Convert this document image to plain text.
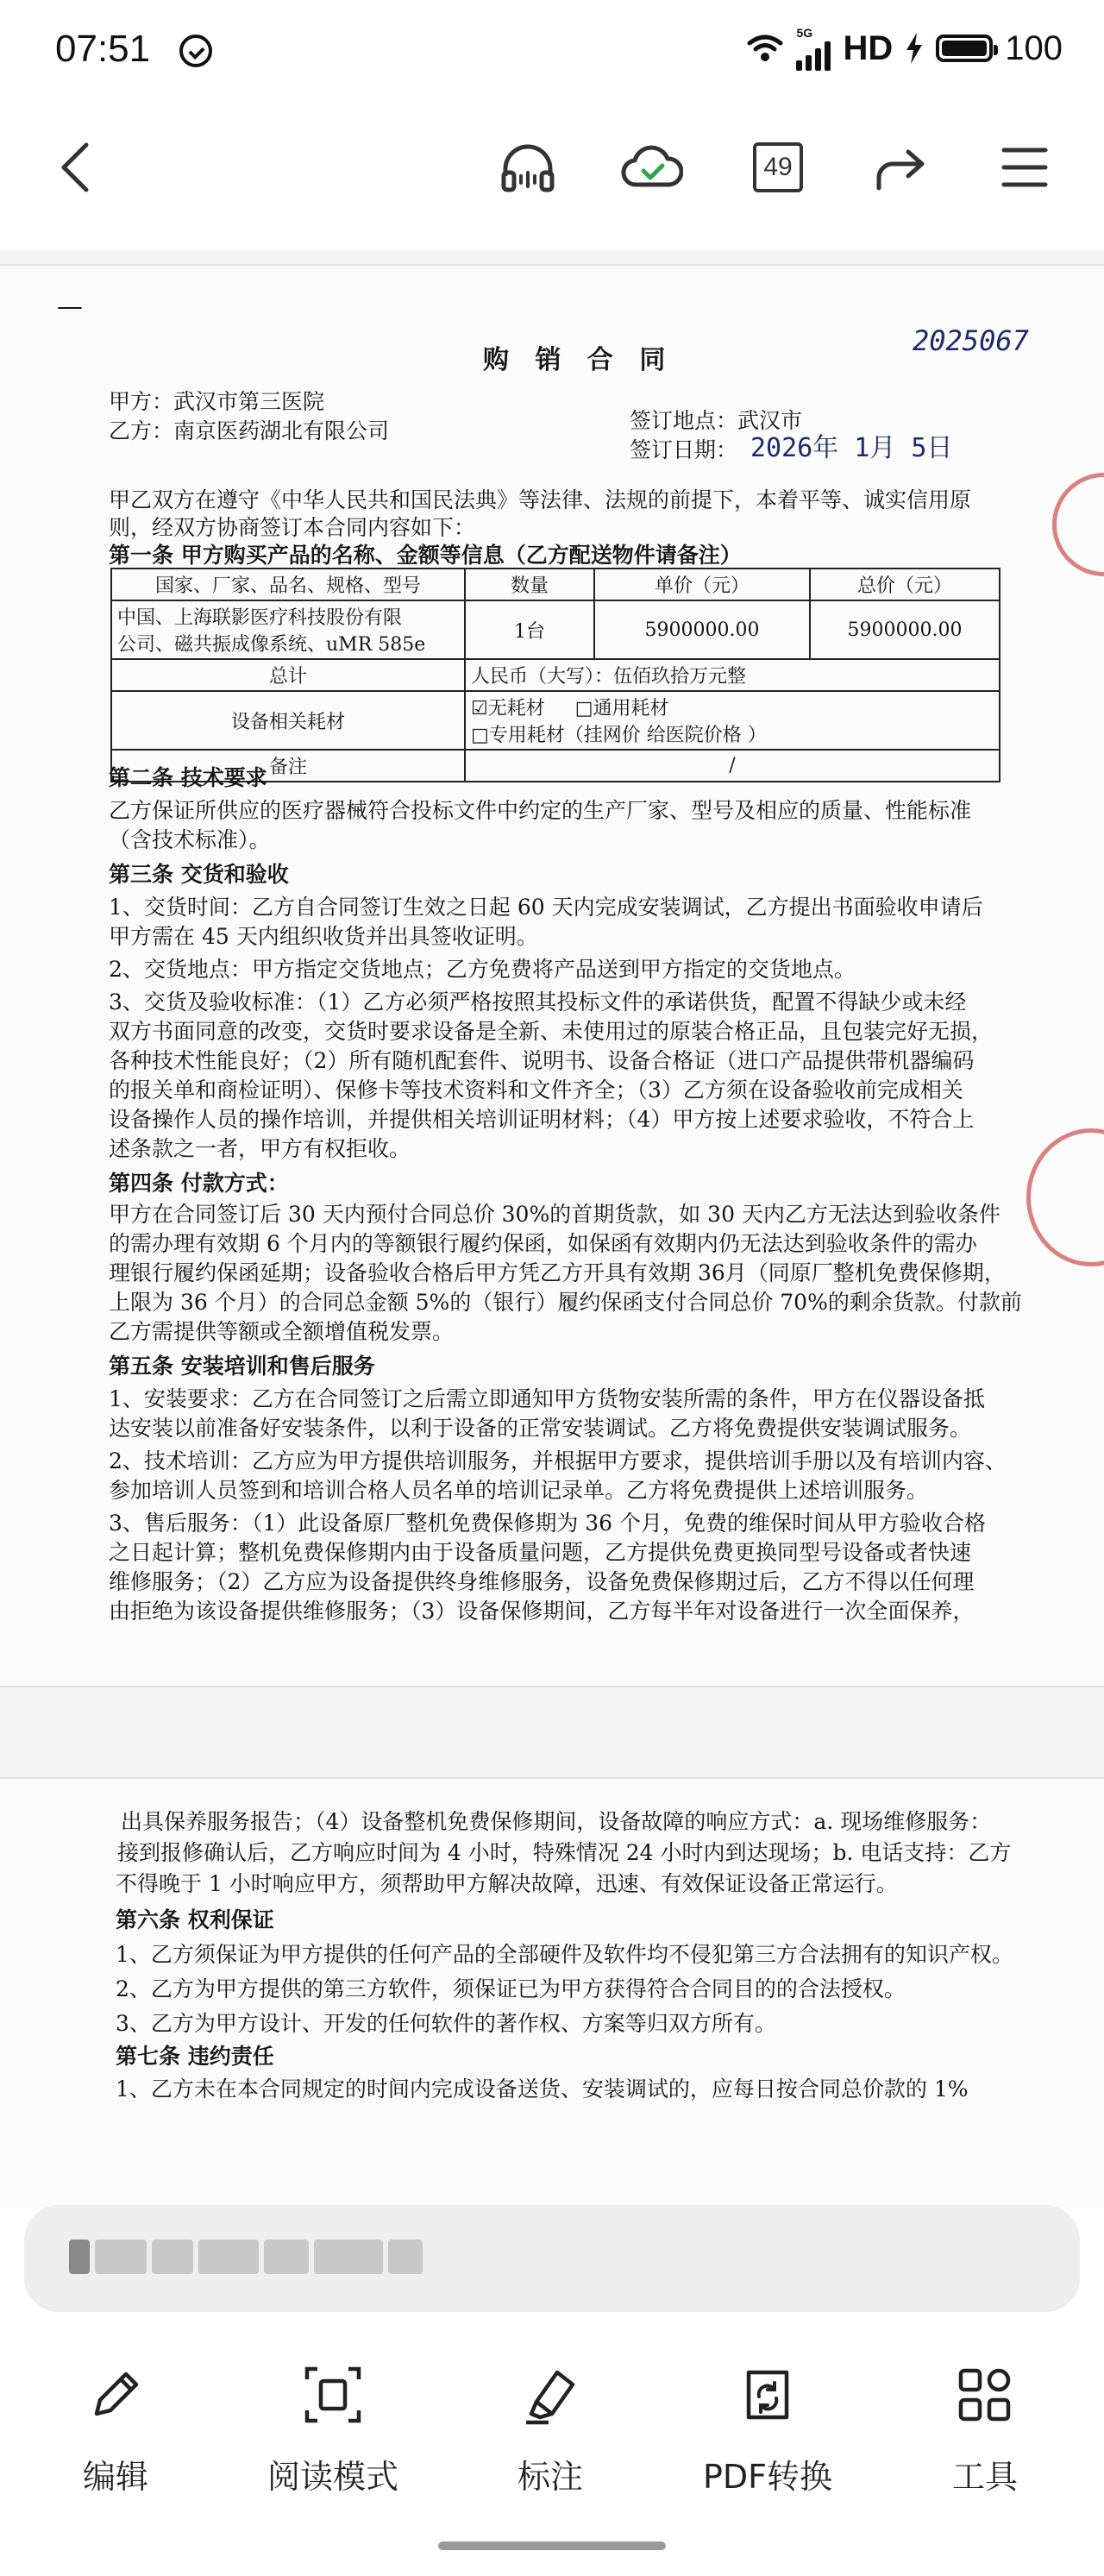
07:51	5G HD	100
49
—
购 销 合 同
2025067
甲方：武汉市第三医院
乙方：南京医药湖北有限公司	签订地点：武汉市
签订日期： 2026年 1月 5日
甲乙双方在遵守《中华人民共和国民法典》等法律、法规的前提下，本着平等、诚实信用原
则，经双方协商签订本合同内容如下：
第一条 甲方购买产品的名称、金额等信息（乙方配送物件请备注）
国家、厂家、品名、规格、型号	数量	单价（元）	总价（元）

中国、上海联影医疗科技股份有限
公司、磁共振成像系统、uMR 585e	1台	5900000.00	5900000.00
总计	人民币（大写）：伍佰玖拾万元整		
设备相关耗材	☑无耗材 □通用耗材     □专用耗材（挂网价 给医院价格 ）		
备注	/		
第二条 技术要求
乙方保证所供应的医疗器械符合投标文件中约定的生产厂家、型号及相应的质量、性能标准
（含技术标准）。
第三条 交货和验收
1、交货时间：乙方自合同签订生效之日起 60 天内完成安装调试，乙方提出书面验收申请后
甲方需在 45 天内组织收货并出具签收证明。
2、交货地点：甲方指定交货地点；乙方免费将产品送到甲方指定的交货地点。
3、交货及验收标准：（1）乙方必须严格按照其投标文件的承诺供货，配置不得缺少或未经
双方书面同意的改变，交货时要求设备是全新、未使用过的原装合格正品，且包装完好无损，
各种技术性能良好；（2）所有随机配套件、说明书、设备合格证（进口产品提供带机器编码
的报关单和商检证明）、保修卡等技术资料和文件齐全；（3）乙方须在设备验收前完成相关
设备操作人员的操作培训，并提供相关培训证明材料；（4）甲方按上述要求验收，不符合上
述条款之一者，甲方有权拒收。
第四条 付款方式：
甲方在合同签订后 30 天内预付合同总价 30%的首期货款，如 30 天内乙方无法达到验收条件
的需办理有效期 6 个月内的等额银行履约保函，如保函有效期内仍无法达到验收条件的需办
理银行履约保函延期；设备验收合格后甲方凭乙方开具有效期 36月（同原厂整机免费保修期，
上限为 36 个月）的合同总金额 5%的（银行）履约保函支付合同总价 70%的剩余货款。付款前
乙方需提供等额或全额增值税发票。
第五条 安装培训和售后服务
1、安装要求：乙方在合同签订之后需立即通知甲方货物安装所需的条件，甲方在仪器设备抵
达安装以前准备好安装条件，以利于设备的正常安装调试。乙方将免费提供安装调试服务。
2、技术培训：乙方应为甲方提供培训服务，并根据甲方要求，提供培训手册以及有培训内容、
参加培训人员签到和培训合格人员名单的培训记录单。乙方将免费提供上述培训服务。
3、售后服务：（1）此设备原厂整机免费保修期为 36 个月，免费的维保时间从甲方验收合格
之日起计算；整机免费保修期内由于设备质量问题，乙方提供免费更换同型号设备或者快速
维修服务；（2）乙方应为设备提供终身维修服务，设备免费保修期过后，乙方不得以任何理
由拒绝为该设备提供维修服务；（3）设备保修期间，乙方每半年对设备进行一次全面保养，
出具保养服务报告；（4）设备整机免费保修期间，设备故障的响应方式：a. 现场维修服务：
接到报修确认后，乙方响应时间为 4 小时，特殊情况 24 小时内到达现场；b. 电话支持：乙方
不得晚于 1 小时响应甲方，须帮助甲方解决故障，迅速、有效保证设备正常运行。
第六条 权利保证
1、乙方须保证为甲方提供的任何产品的全部硬件及软件均不侵犯第三方合法拥有的知识产权。
2、乙方为甲方提供的第三方软件，须保证已为甲方获得符合合同目的的合法授权。
3、乙方为甲方设计、开发的任何软件的著作权、方案等归双方所有。
第七条 违约责任
1、乙方未在本合同规定的时间内完成设备送货、安装调试的，应每日按合同总价款的 1%
编辑	阅读模式	标注	PDF转换	工具
